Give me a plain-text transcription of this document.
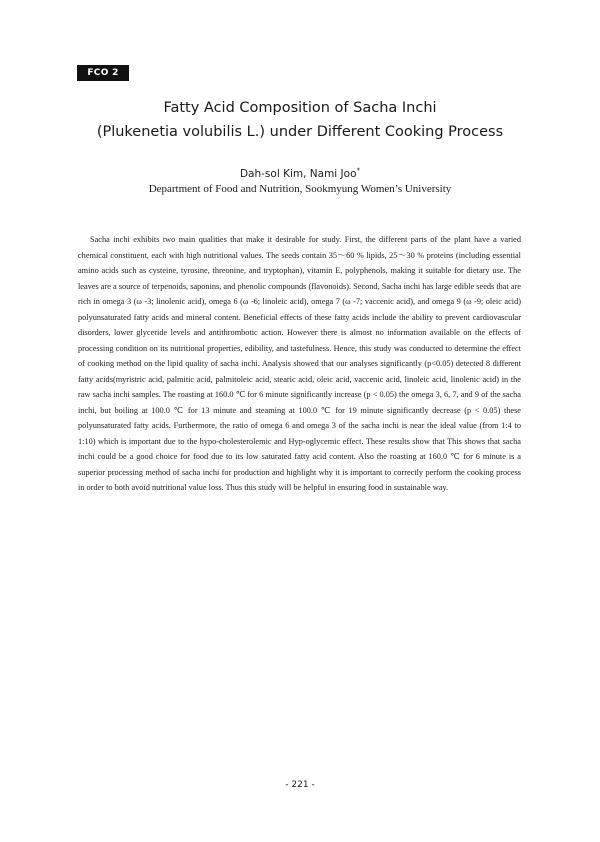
FCO 2
Fatty Acid Composition of Sacha Inchi
(Plukenetia volubilis L.) under Different Cooking Process
Dah-sol Kim, Nami Joo*
Department of Food and Nutrition, Sookmyung Women’s University

Sacha inchi exhibits two main qualities that make it desirable for study. First, the different parts of the plant have a varied chemical constituent, each with high nutritional values. The seeds contain 35～60 % lipids, 25～30 % proteins (including essential amino acids such as cysteine, tyrosine, threonine, and tryptophan), vitamin E, polyphenols, making it suitable for dietary use. The leaves are a source of terpenoids, saponins, and phenolic compounds (flavonoids). Second, Sacha inchi has large edible seeds that are rich in omega 3 (ω -3; linolenic acid), omega 6 (ω -6; linoleic acid), omega 7 (ω -7; vaccenic acid), and omega 9 (ω -9; oleic acid) polyunsaturated fatty acids and mineral content. Beneficial effects of these fatty acids include the ability to prevent cardiovascular disorders, lower glyceride levels and antithrombotic action. However there is almost no information available on the effects of processing condition on its nutritional properties, edibility, and tastefulness. Hence, this study was conducted to determine the effect of cooking method on the lipid quality of sacha inchi. Analysis showed that our analyses significantly (p<0.05) detected 8 different fatty acids(myristric acid, palmitic acid, palmitoleic acid, stearic acid, oleic acid, vaccenic acid, linoleic acid, linolenic acid) in the raw sacha inchi samples. The roasting at 160.0 ℃ for 6 minute significantly increase (p < 0.05) the omega 3, 6, 7, and 9 of the sacha inchi, but boiling at 100.0 ℃ for 13 minute and steaming at 100.0 ℃ for 19 minute significantly decrease (p < 0.05) these polyunsaturated fatty acids. Furthermore, the ratio of omega 6 and omega 3 of the sacha inchi is near the ideal value (from 1:4 to 1:10) which is important due to the hypo-cholesterolemic and Hyp-oglycemic effect. These results show that This shows that sacha inchi could be a good choice for food due to its low saturated fatty acid content. Also the roasting at 160.0 ℃ for 6 minute is a superior processing method of sacha inchi for production and highlight why it is important to correctly perform the cooking process in order to both avoid nutritional value loss. Thus this study will be helpful in ensuring food in sustainable way.

- 221 -
